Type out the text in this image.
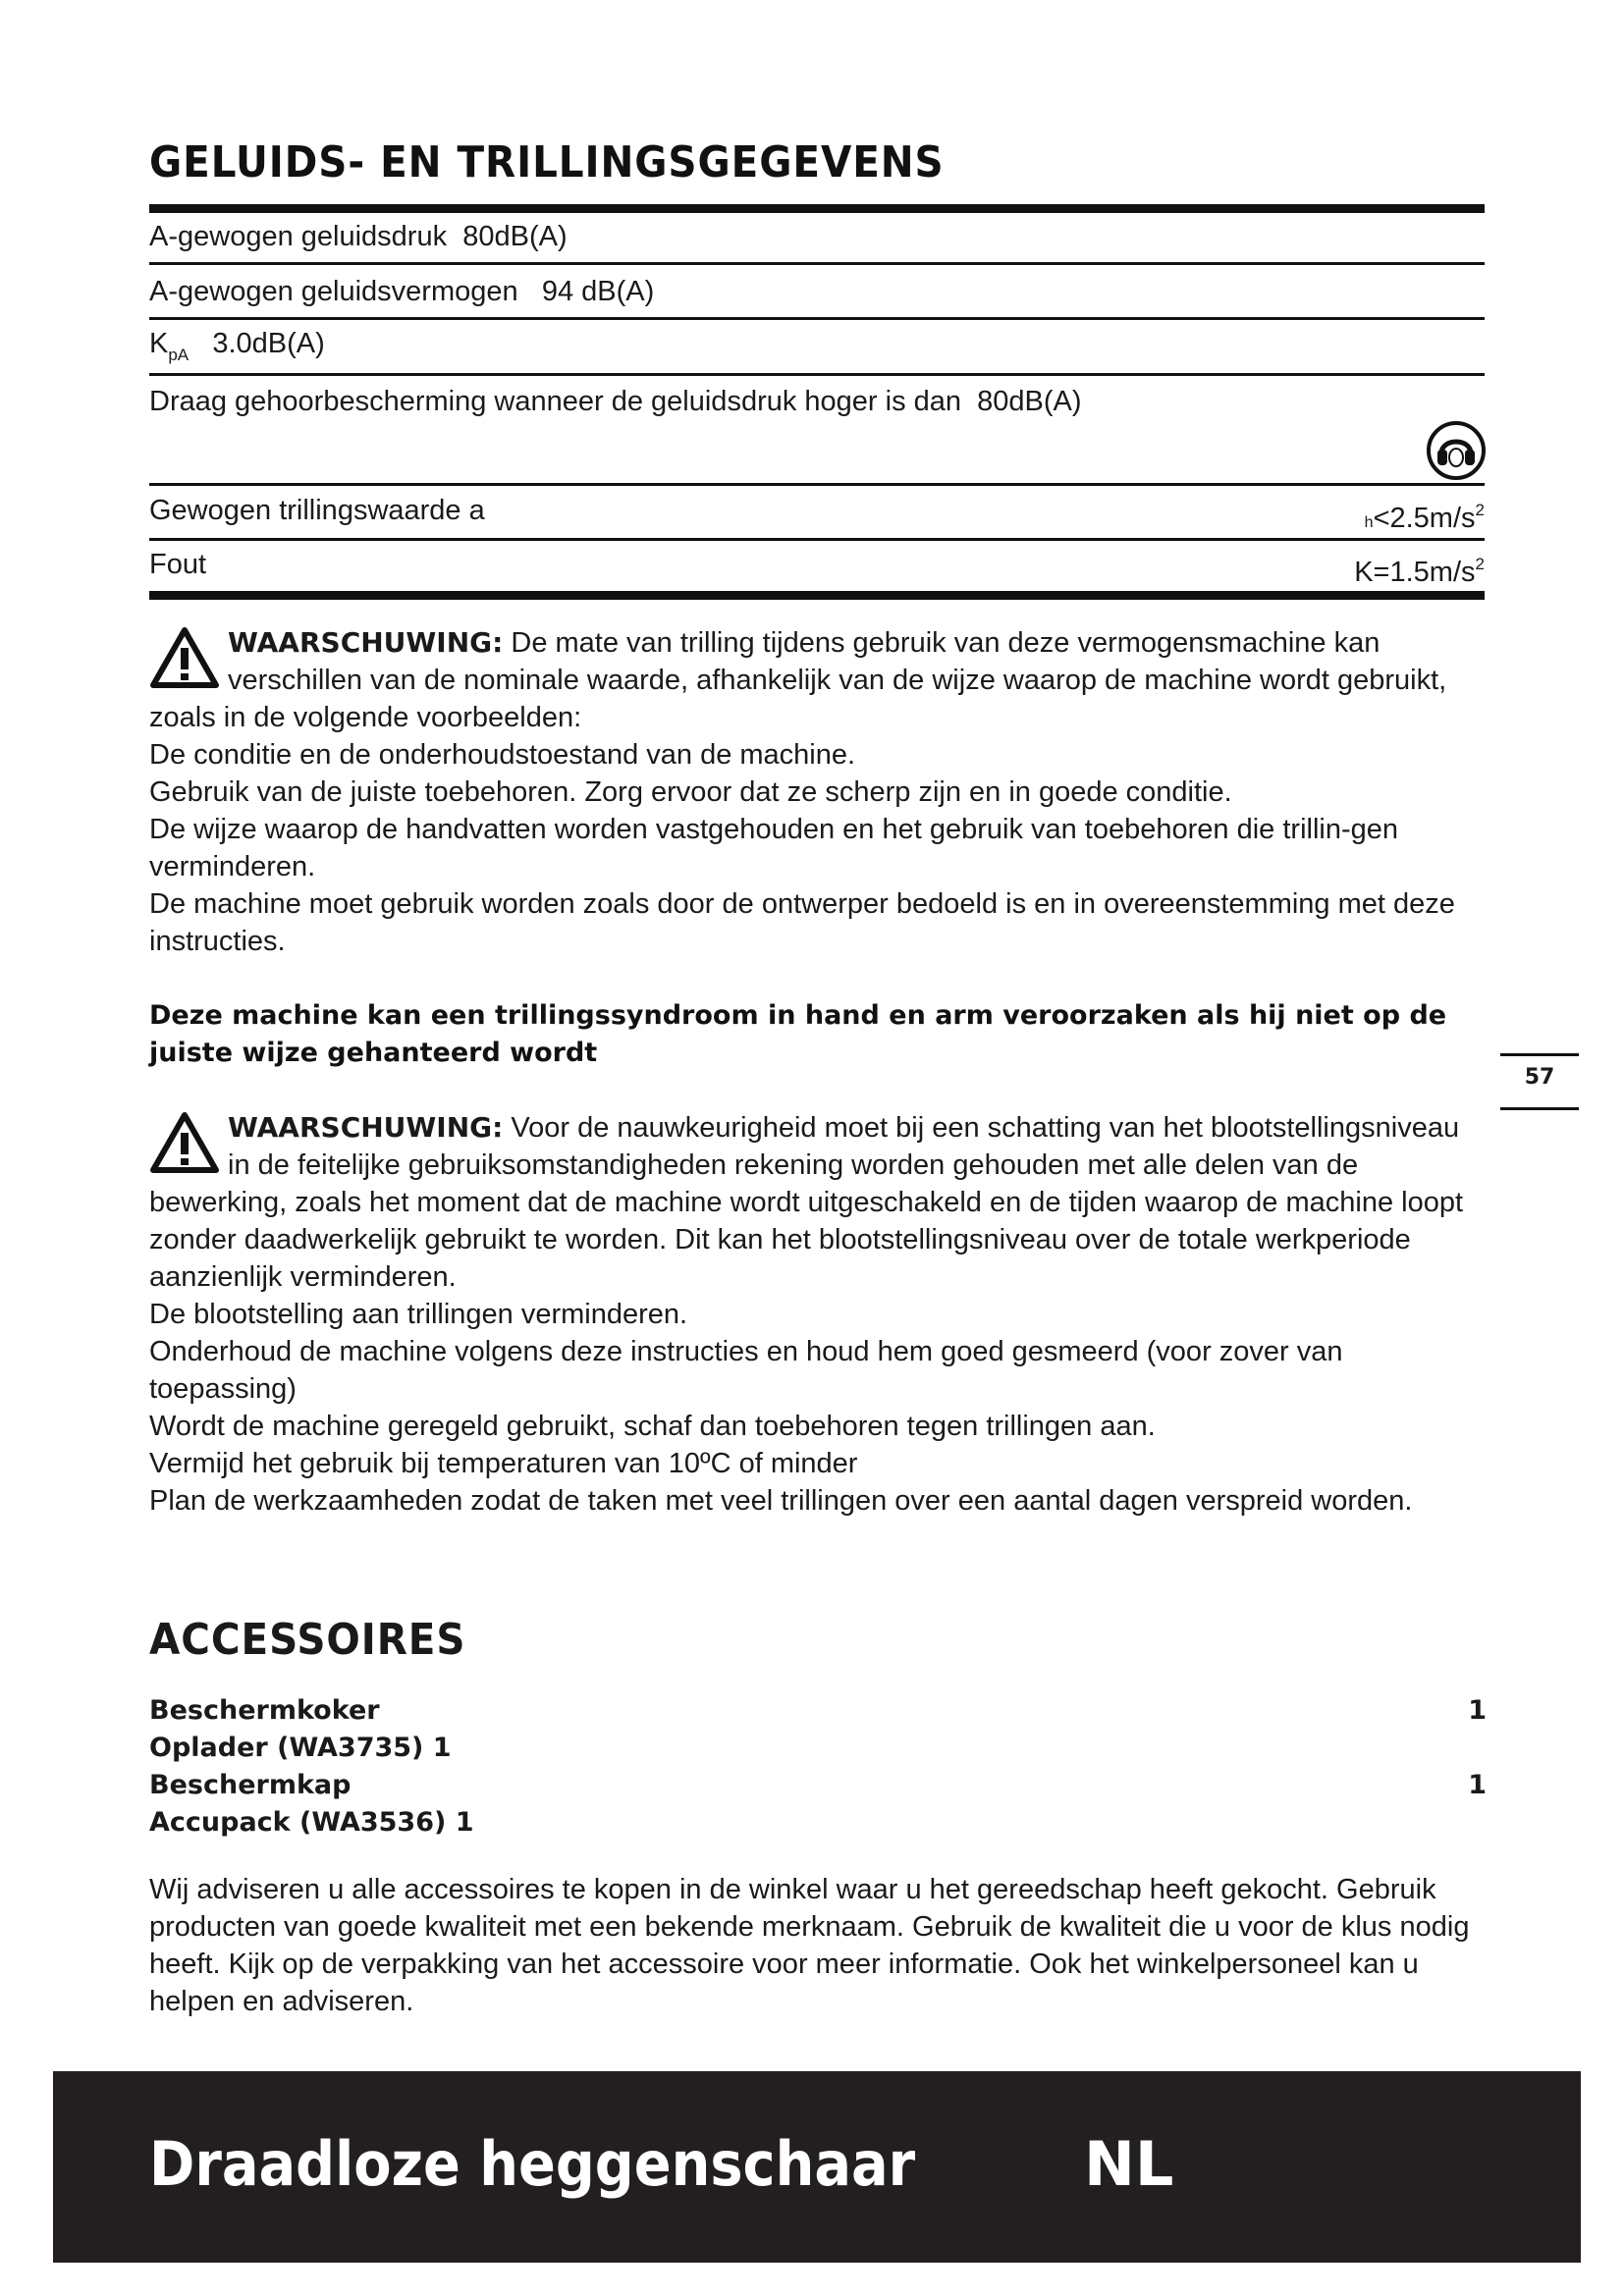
GELUIDS- EN TRILLINGSGEGEVENS
A-gewogen geluidsdruk 80dB(A)
A-gewogen geluidsvermogen 94 dB(A)
$K_{pA}$ 3.0dB(A)
Draag gehoorbescherming wanneer de geluidsdruk hoger is dan 80dB(A)
Gewogen trillingswaarde a	$h<2.5m/s^2$
Fout	$K=1.5m/s^2$
WAARSCHUWING: De mate van trilling tijdens gebruik van deze vermogensmachine kan verschillen van de nominale waarde, afhankelijk van de wijze waarop de machine wordt gebruikt, zoals in de volgende voorbeelden:
De conditie en de onderhoudstoestand van de machine.
Gebruik van de juiste toebehoren. Zorg ervoor dat ze scherp zijn en in goede conditie.
De wijze waarop de handvatten worden vastgehouden en het gebruik van toebehoren die trillin-gen verminderen.
De machine moet gebruik worden zoals door de ontwerper bedoeld is en in overeenstemming met deze instructies.
Deze machine kan een trillingssyndroom in hand en arm veroorzaken als hij niet op de juiste wijze gehanteerd wordt
57
WAARSCHUWING: Voor de nauwkeurigheid moet bij een schatting van het blootstellingsniveau in de feitelijke gebruiksomstandigheden rekening worden gehouden met alle delen van de bewerking, zoals het moment dat de machine wordt uitgeschakeld en de tijden waarop de machine loopt zonder daadwerkelijk gebruikt te worden. Dit kan het blootstellingsniveau over de totale werkperiode aanzienlijk verminderen.
De blootstelling aan trillingen verminderen.
Onderhoud de machine volgens deze instructies en houd hem goed gesmeerd (voor zover van toepassing)
Wordt de machine geregeld gebruikt, schaf dan toebehoren tegen trillingen aan.
Vermijd het gebruik bij temperaturen van 10ºC of minder
Plan de werkzaamheden zodat de taken met veel trillingen over een aantal dagen verspreid worden.
ACCESSOIRES
Beschermkoker	1
Oplader (WA3735) 1
Beschermkap	1
Accupack (WA3536) 1
Wij adviseren u alle accessoires te kopen in de winkel waar u het gereedschap heeft gekocht. Gebruik producten van goede kwaliteit met een bekende merknaam. Gebruik de kwaliteit die u voor de klus nodig heeft. Kijk op de verpakking van het accessoire voor meer informatie. Ook het winkelpersoneel kan u helpen en adviseren.
Draadloze heggenschaar	NL
